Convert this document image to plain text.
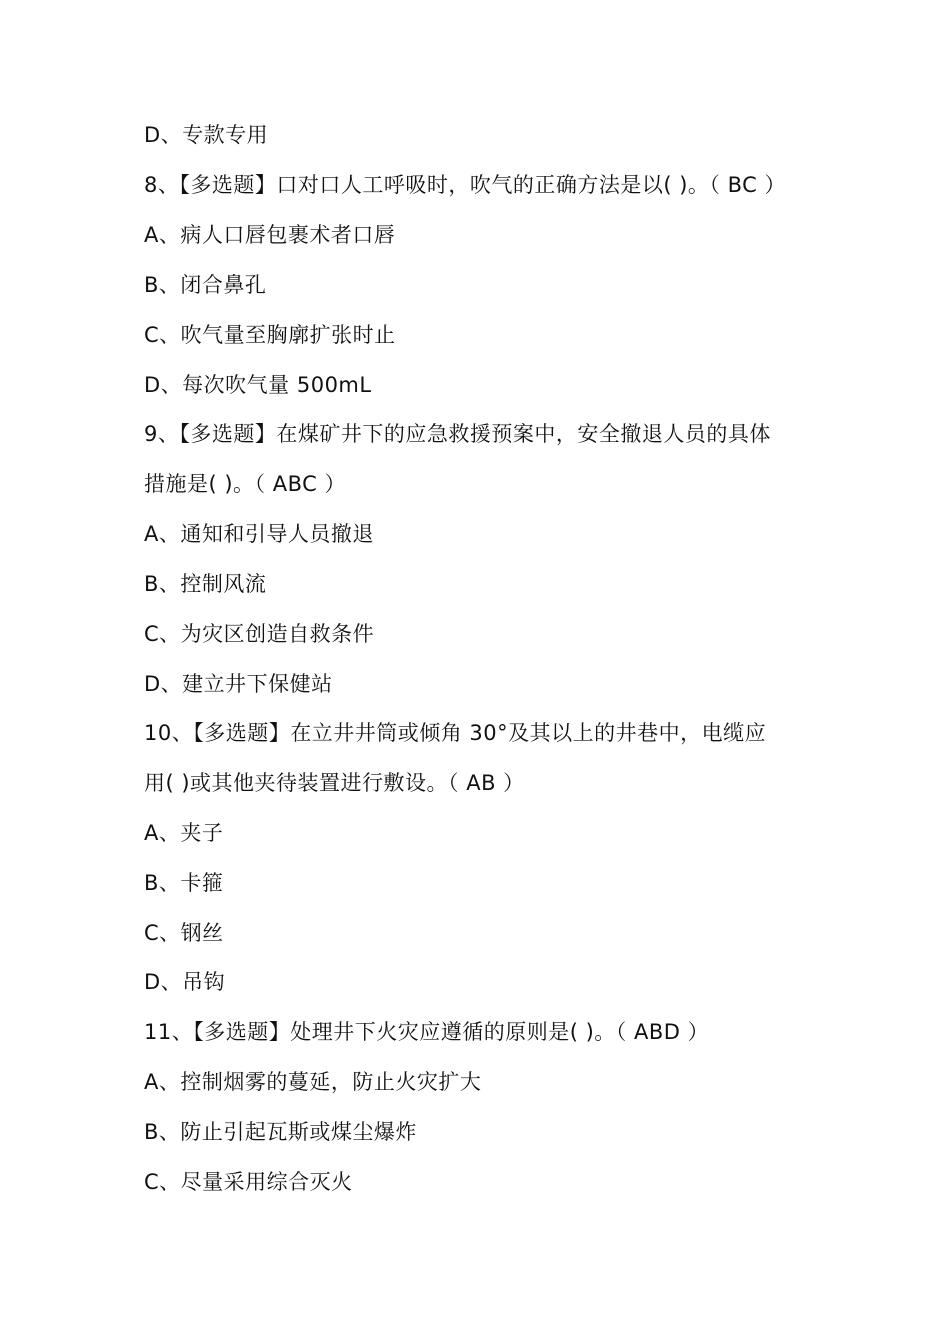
D、专款专用
8、【多选题】口对口人工呼吸时，吹气的正确方法是以( )。（ BC ）
A、病人口唇包裹术者口唇
B、闭合鼻孔
C、吹气量至胸廓扩张时止
D、每次吹气量 500mL
9、【多选题】在煤矿井下的应急救援预案中，安全撤退人员的具体
措施是( )。（ ABC ）
A、通知和引导人员撤退
B、控制风流
C、为灾区创造自救条件
D、建立井下保健站
10、【多选题】在立井井筒或倾角 30°及其以上的井巷中，电缆应
用( )或其他夹待装置进行敷设。（ AB ）
A、夹子
B、卡箍
C、钢丝
D、吊钩
11、【多选题】处理井下火灾应遵循的原则是( )。（ ABD ）
A、控制烟雾的蔓延，防止火灾扩大
B、防止引起瓦斯或煤尘爆炸
C、尽量采用综合灭火
